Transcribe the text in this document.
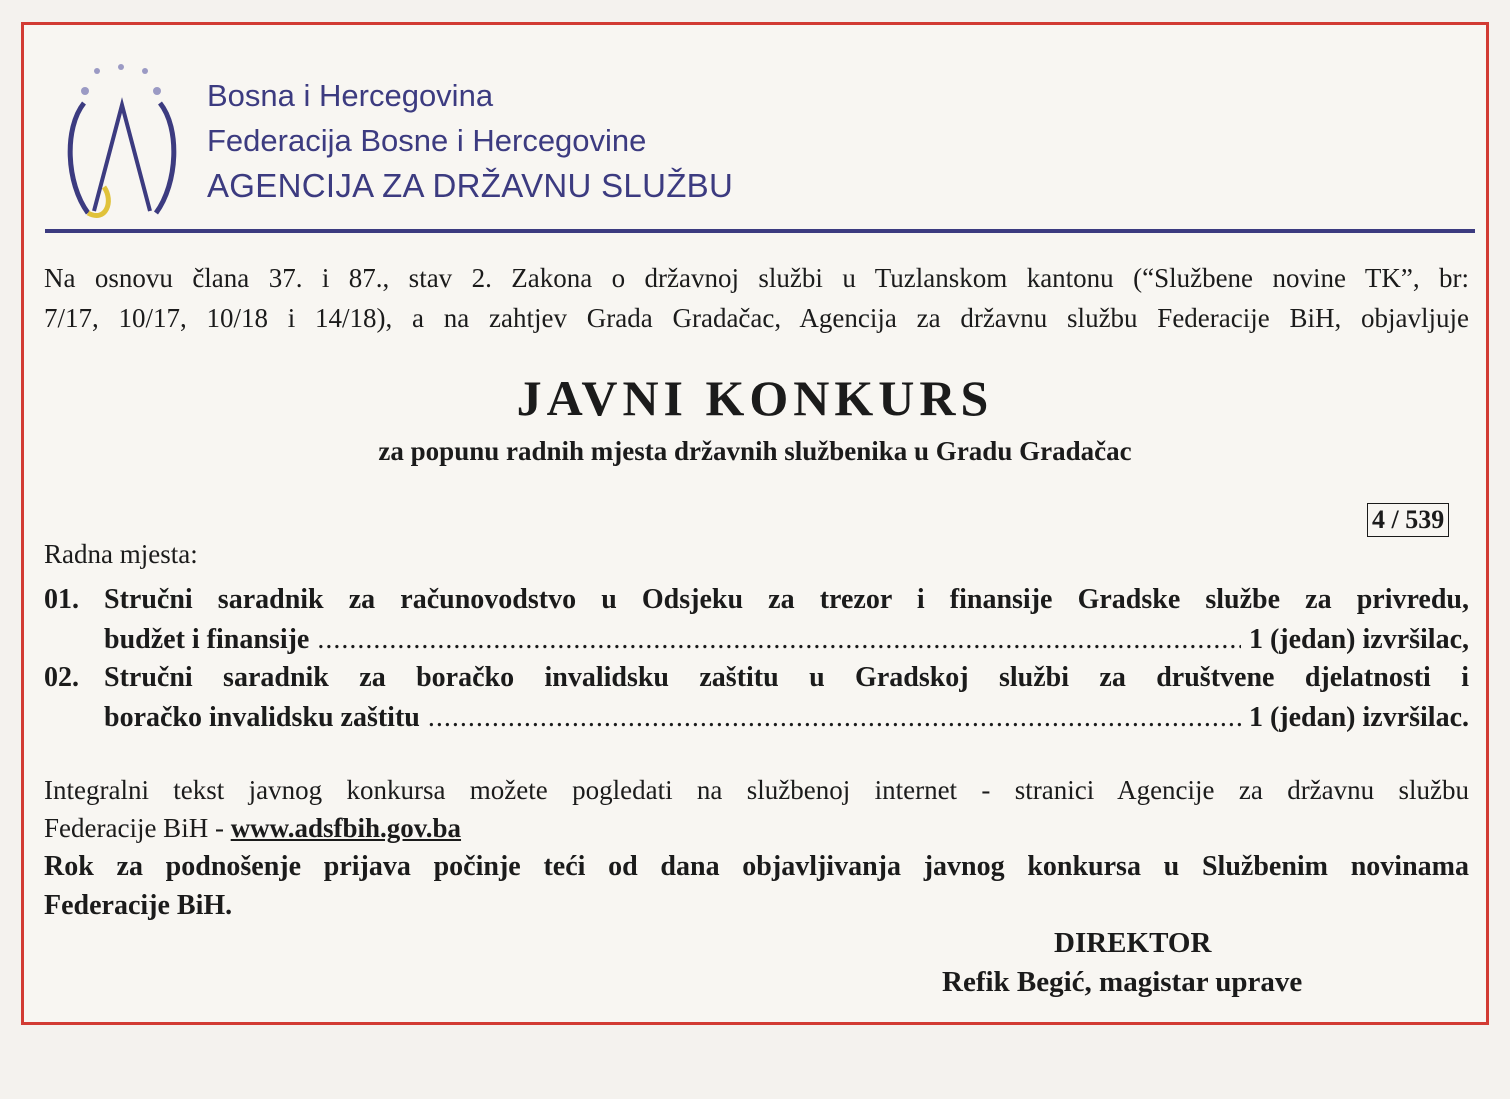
Bosna i Hercegovina
Federacija Bosne i Hercegovine
AGENCIJA ZA DRŽAVNU SLUŽBU
Na osnovu člana 37. i 87., stav 2. Zakona o državnoj službi u Tuzlanskom kantonu (“Službene novine TK”, br:
7/17, 10/17, 10/18 i 14/18), a na zahtjev Grada Gradačac, Agencija za državnu službu Federacije BiH, objavljuje
JAVNI KONKURS
za popunu radnih mjesta državnih službenika u Gradu Gradačac
4 / 539
Radna mjesta:
01. Stručni saradnik za računovodstvo u Odsjeku za trezor i finansije Gradske službe za privredu,
budžet i finansije .....	1 (jedan) izvršilac,
02. Stručni saradnik za boračko invalidsku zaštitu u Gradskoj službi za društvene djelatnosti i
boračko invalidsku zaštitu .....	1 (jedan) izvršilac.
Integralni tekst javnog konkursa možete pogledati na službenoj internet - stranici Agencije za državnu službu
Federacije BiH - www.adsfbih.gov.ba
Rok za podnošenje prijava počinje teći od dana objavljivanja javnog konkursa u Službenim novinama
Federacije BiH.
DIREKTOR
Refik Begić, magistar uprave
